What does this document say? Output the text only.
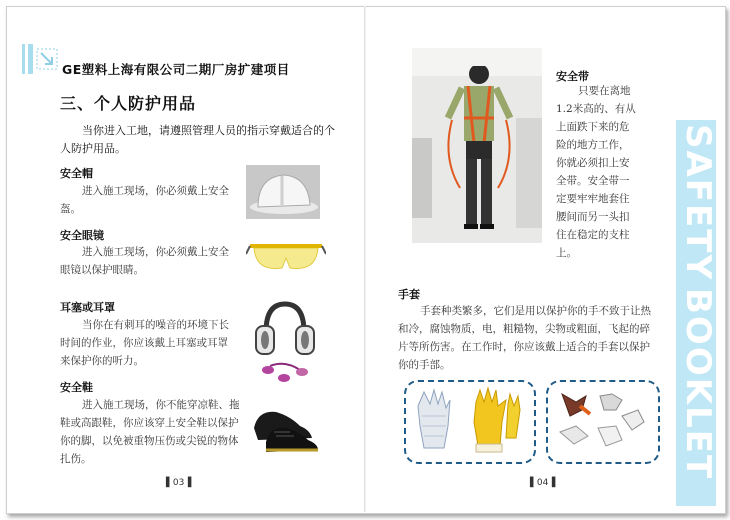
GE塑料上海有限公司二期厂房扩建项目
三、个人防护用品
当你进入工地，请遵照管理人员的指示穿戴适合的个人防护用品。
安全帽
进入施工现场，你必须戴上安全盔。
安全眼镜
进入施工现场，你必须戴上安全眼镜以保护眼睛。
耳塞或耳罩
当你在有刺耳的噪音的环境下长时间的作业，你应该戴上耳塞或耳罩来保护你的听力。
安全鞋
进入施工现场，你不能穿凉鞋、拖鞋或高跟鞋，你应该穿上安全鞋以保护你的脚，以免被重物压伤或尖锐的物体扎伤。
▌03▐
安全带
只要在离地1.2米高的、有从上面跌下来的危险的地方工作，你就必须扣上安全带。安全带一定要牢牢地套住腰间而另一头扣住在稳定的支柱上。
手套
手套种类繁多，它们是用以保护你的手不致于让热和冷，腐蚀物质，电，粗糙物，尖物或粗面，飞起的碎片等所伤害。在工作时，你应该戴上适合的手套以保护你的手部。
▌04▐
SAFETY
BOOKLET
